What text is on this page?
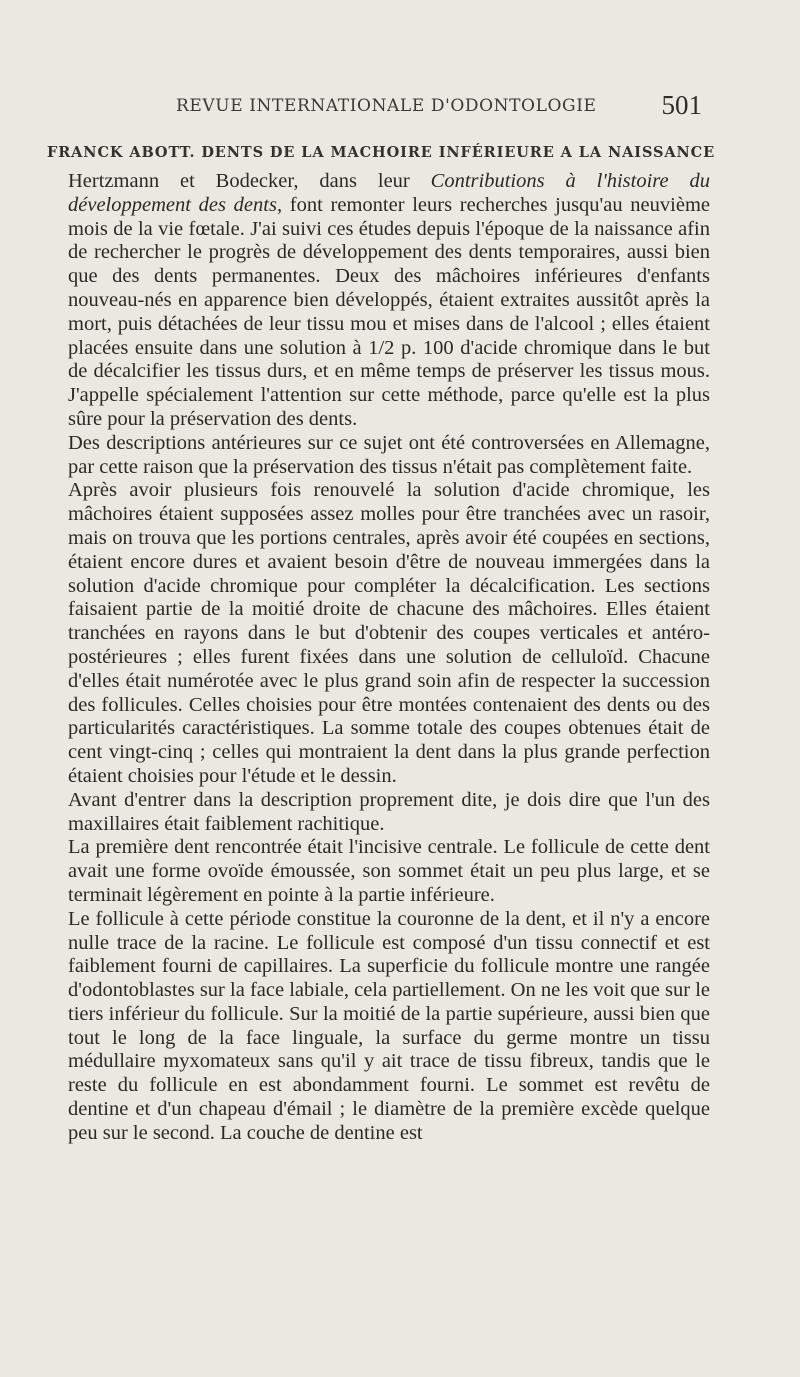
REVUE INTERNATIONALE D'ODONTOLOGIE 501
FRANCK ABOTT. DENTS DE LA MACHOIRE INFÉRIEURE A LA NAISSANCE

Hertzmann et Bodecker, dans leur Contributions à l'histoire du développement des dents, font remonter leurs recherches jusqu'au neuvième mois de la vie fœtale. J'ai suivi ces études depuis l'époque de la naissance afin de rechercher le progrès de développement des dents temporaires, aussi bien que des dents permanentes. Deux des mâchoires inférieures d'enfants nouveau-nés en apparence bien développés, étaient extraites aussitôt après la mort, puis détachées de leur tissu mou et mises dans de l'alcool ; elles étaient placées ensuite dans une solution à 1/2 p. 100 d'acide chromique dans le but de décalcifier les tissus durs, et en même temps de préserver les tissus mous. J'appelle spécialement l'attention sur cette méthode, parce qu'elle est la plus sûre pour la préservation des dents.

Des descriptions antérieures sur ce sujet ont été controversées en Allemagne, par cette raison que la préservation des tissus n'était pas complètement faite.

Après avoir plusieurs fois renouvelé la solution d'acide chromique, les mâchoires étaient supposées assez molles pour être tranchées avec un rasoir, mais on trouva que les portions centrales, après avoir été coupées en sections, étaient encore dures et avaient besoin d'être de nouveau immergées dans la solution d'acide chromique pour compléter la décalcification. Les sections faisaient partie de la moitié droite de chacune des mâchoires. Elles étaient tranchées en rayons dans le but d'obtenir des coupes verticales et antéro-postérieures ; elles furent fixées dans une solution de celluloïd. Chacune d'elles était numérotée avec le plus grand soin afin de respecter la succession des follicules. Celles choisies pour être montées contenaient des dents ou des particularités caractéristiques. La somme totale des coupes obtenues était de cent vingt-cinq ; celles qui montraient la dent dans la plus grande perfection étaient choisies pour l'étude et le dessin.

Avant d'entrer dans la description proprement dite, je dois dire que l'un des maxillaires était faiblement rachitique.

La première dent rencontrée était l'incisive centrale. Le follicule de cette dent avait une forme ovoïde émoussée, son sommet était un peu plus large, et se terminait légèrement en pointe à la partie inférieure.

Le follicule à cette période constitue la couronne de la dent, et il n'y a encore nulle trace de la racine. Le follicule est composé d'un tissu connectif et est faiblement fourni de capillaires. La superficie du follicule montre une rangée d'odontoblastes sur la face labiale, cela partiellement. On ne les voit que sur le tiers inférieur du follicule. Sur la moitié de la partie supérieure, aussi bien que tout le long de la face linguale, la surface du germe montre un tissu médullaire myxomateux sans qu'il y ait trace de tissu fibreux, tandis que le reste du follicule en est abondamment fourni. Le sommet est revêtu de dentine et d'un chapeau d'émail ; le diamètre de la première excède quelque peu sur le second. La couche de dentine est
